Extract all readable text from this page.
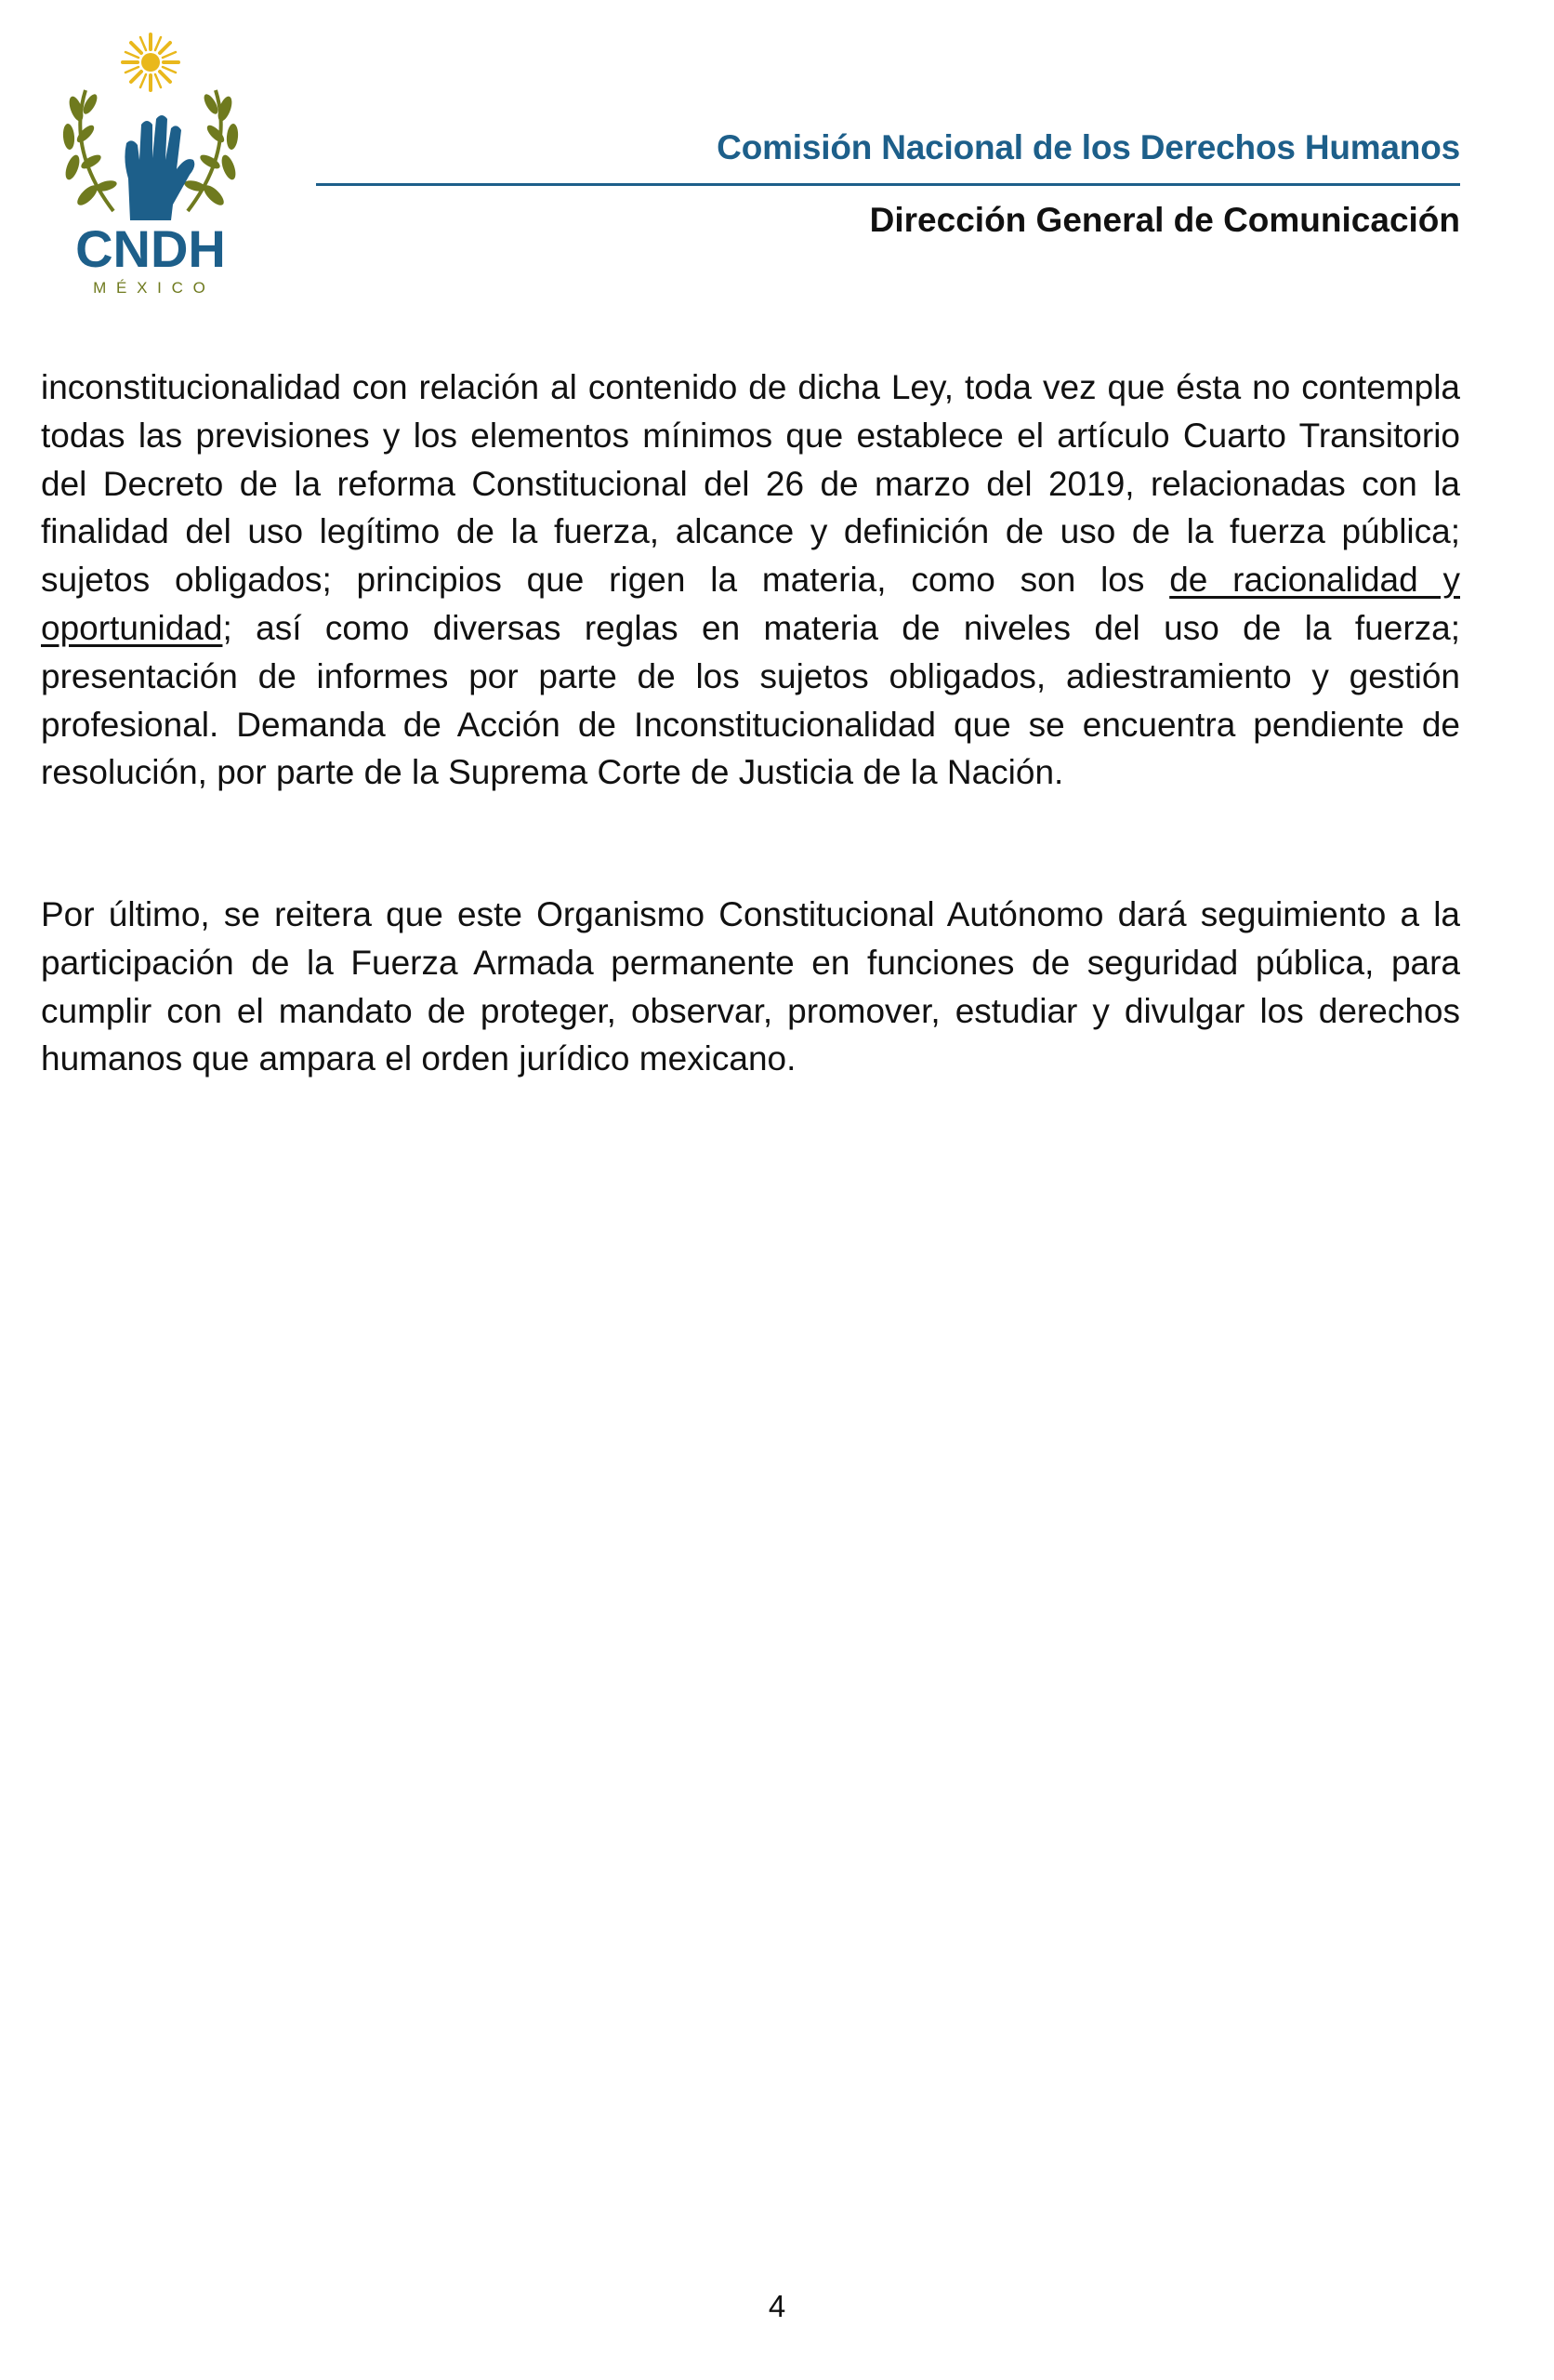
CNDH
M É X I C O
Comisión Nacional de los Derechos Humanos
Dirección General de Comunicación

inconstitucionalidad con relación al contenido de dicha Ley, toda vez que ésta no contempla todas las previsiones y los elementos mínimos que establece el artículo Cuarto Transitorio del Decreto de la reforma Constitucional del 26 de marzo del 2019, relacionadas con la finalidad del uso legítimo de la fuerza, alcance y definición de uso de la fuerza pública; sujetos obligados; principios que rigen la materia, como son los de racionalidad y oportunidad; así como diversas reglas en materia de niveles del uso de la fuerza; presentación de informes por parte de los sujetos obligados, adiestramiento y gestión profesional. Demanda de Acción de Inconstitucionalidad que se encuentra pendiente de resolución, por parte de la Suprema Corte de Justicia de la Nación.

Por último, se reitera que este Organismo Constitucional Autónomo dará seguimiento a la participación de la Fuerza Armada permanente en funciones de seguridad pública, para cumplir con el mandato de proteger, observar, promover, estudiar y divulgar los derechos humanos que ampara el orden jurídico mexicano.

4
